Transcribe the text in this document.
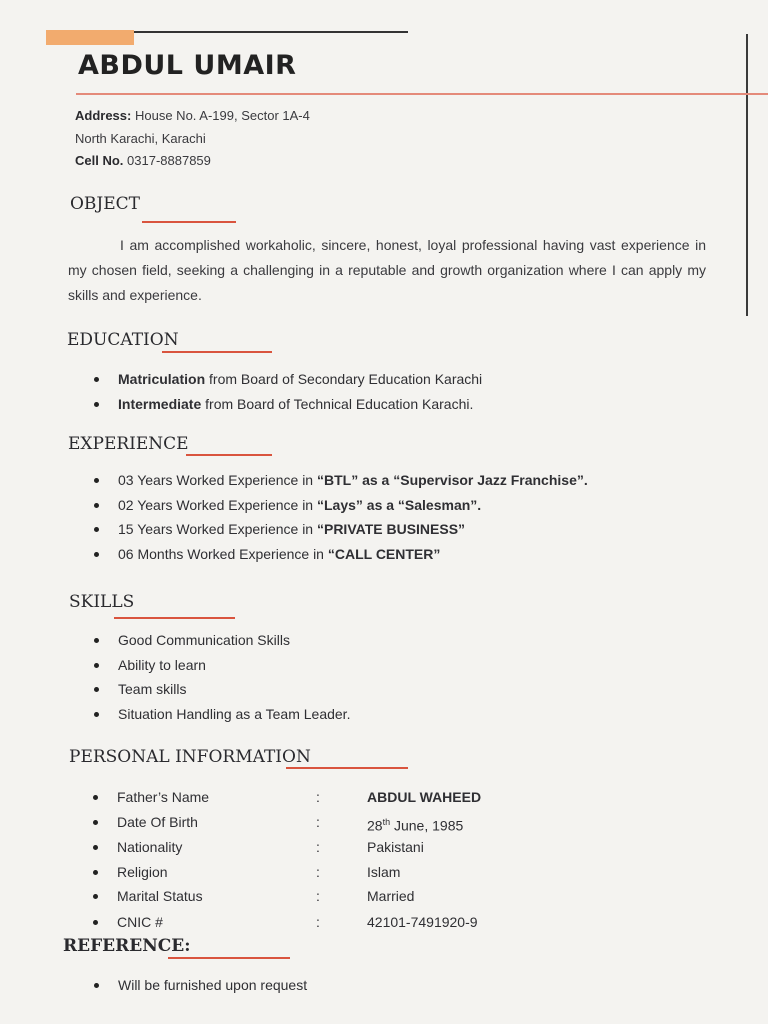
ABDUL UMAIR
Address: House No. A-199, Sector 1A-4
North Karachi, Karachi
Cell No. 0317-8887859
OBJECT

I am accomplished workaholic, sincere, honest, loyal professional having vast experience in my chosen field, seeking a challenging in a reputable and growth organization where I can apply my skills and experience.

EDUCATION
Matriculation from Board of Secondary Education Karachi
Intermediate from Board of Technical Education Karachi.
EXPERIENCE
03 Years Worked Experience in “BTL” as a “Supervisor Jazz Franchise”.
02 Years Worked Experience in “Lays” as a “Salesman”.
15 Years Worked Experience in “PRIVATE BUSINESS”
06 Months Worked Experience in “CALL CENTER”
SKILLS
Good Communication Skills
Ability to learn
Team skills
Situation Handling as a Team Leader.
PERSONAL INFORMATION
Father’s Name	:	ABDUL WAHEED
Date Of Birth	:	28th June, 1985
Nationality	:	Pakistani
Religion	:	Islam
Marital Status	:	Married
CNIC #	:	42101-7491920-9
REFERENCE:
Will be furnished upon request
